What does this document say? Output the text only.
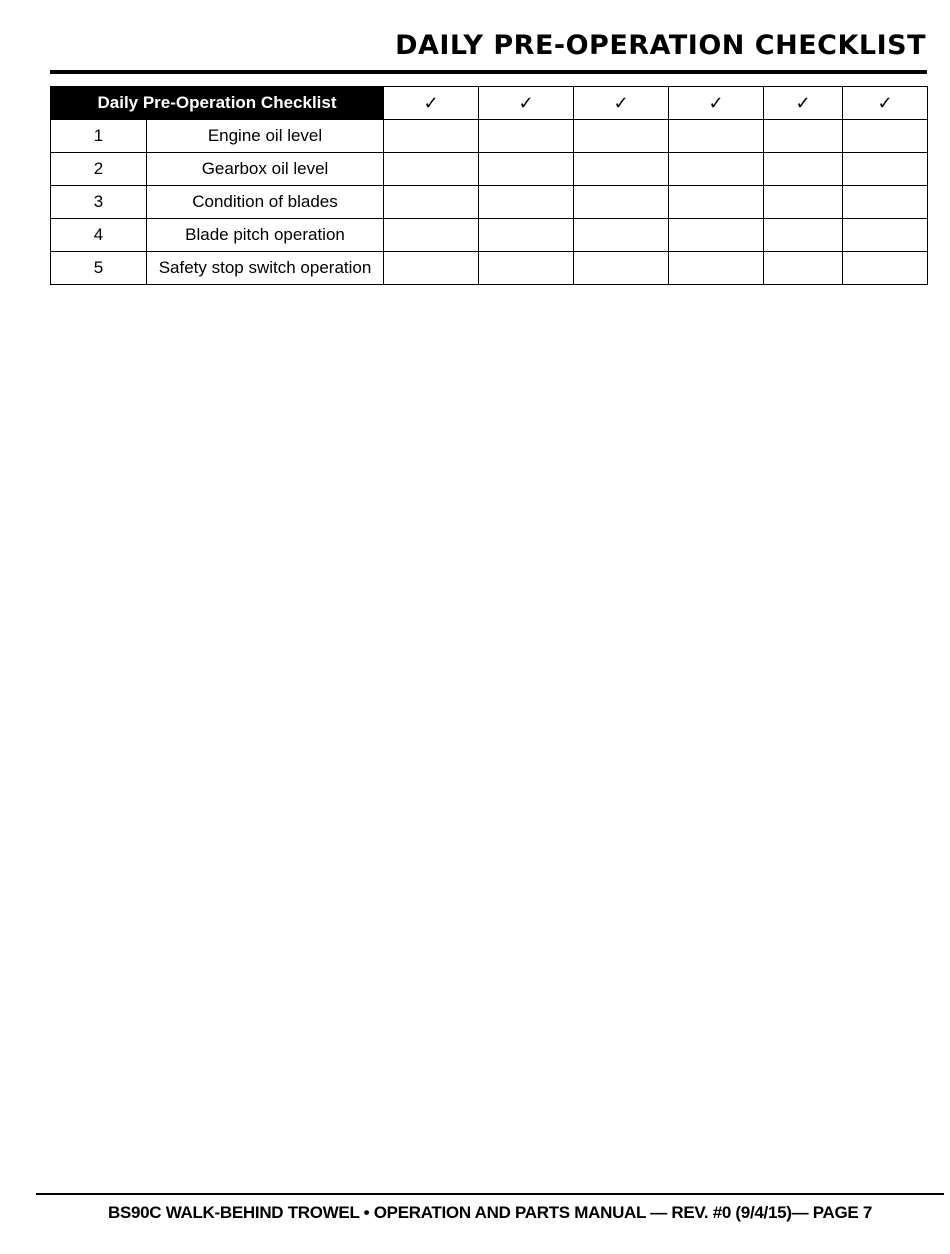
DAILY PRE-OPERATION CHECKLIST
Daily Pre-Operation Checklist		✓	✓	✓	✓	✓	✓
1	Engine oil level						
2	Gearbox oil level						
3	Condition of blades						
4	Blade pitch operation						
5	Safety stop switch operation						
BS90C WALK-BEHIND TROWEL • OPERATION AND PARTS MANUAL — REV. #0 (9/4/15)— PAGE 7
